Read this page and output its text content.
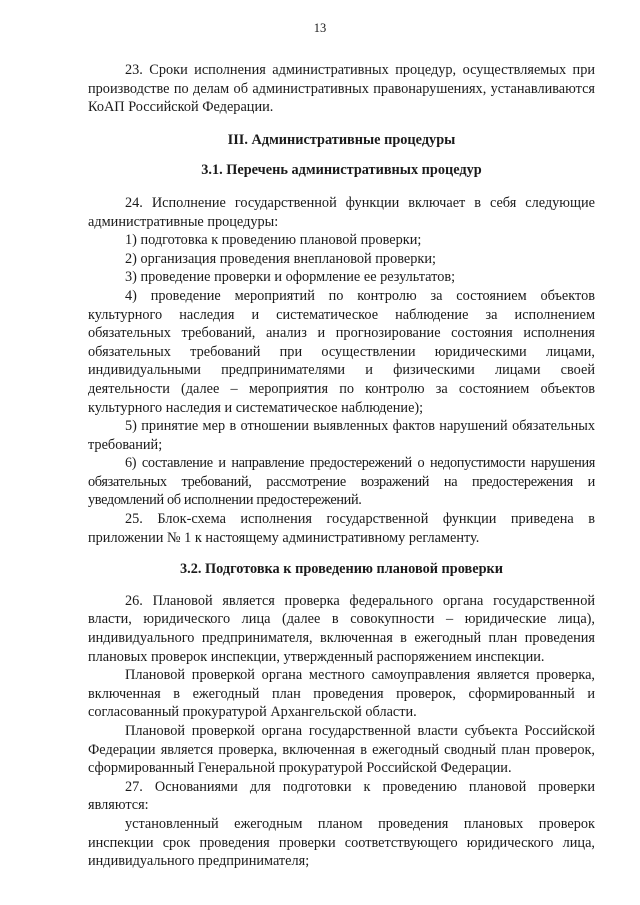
13

23. Сроки исполнения административных процедур, осуществляемых при производстве по делам об административных правонарушениях, устанавливаются КоАП Российской Федерации.

III. Административные процедуры

3.1. Перечень административных процедур

24. Исполнение государственной функции включает в себя следующие административные процедуры:

1) подготовка к проведению плановой проверки;

2) организация проведения внеплановой проверки;

3) проведение проверки и оформление ее результатов;

4) проведение мероприятий по контролю за состоянием объектов культурного наследия и систематическое наблюдение за исполнением обязательных требований, анализ и прогнозирование состояния исполнения обязательных требований при осуществлении юридическими лицами, индивидуальными предпринимателями и физическими лицами своей деятельности (далее – мероприятия по контролю за состоянием объектов культурного наследия и систематическое наблюдение);

5) принятие мер в отношении выявленных фактов нарушений обязательных требований;

6) составление и направление предостережений о недопустимости нарушения обязательных требований, рассмотрение возражений на предостережения и уведомлений об исполнении предостережений.

25. Блок-схема исполнения государственной функции приведена в приложении № 1 к настоящему административному регламенту.

3.2. Подготовка к проведению плановой проверки

26. Плановой является проверка федерального органа государственной власти, юридического лица (далее в совокупности – юридические лица), индивидуального предпринимателя, включенная в ежегодный план проведения плановых проверок инспекции, утвержденный распоряжением инспекции.

Плановой проверкой органа местного самоуправления является проверка, включенная в ежегодный план проведения проверок, сформированный и согласованный прокуратурой Архангельской области.

Плановой проверкой органа государственной власти субъекта Российской Федерации является проверка, включенная в ежегодный сводный план проверок, сформированный Генеральной прокуратурой Российской Федерации.

27. Основаниями для подготовки к проведению плановой проверки являются:

установленный ежегодным планом проведения плановых проверок инспекции срок проведения проверки соответствующего юридического лица, индивидуального предпринимателя;
